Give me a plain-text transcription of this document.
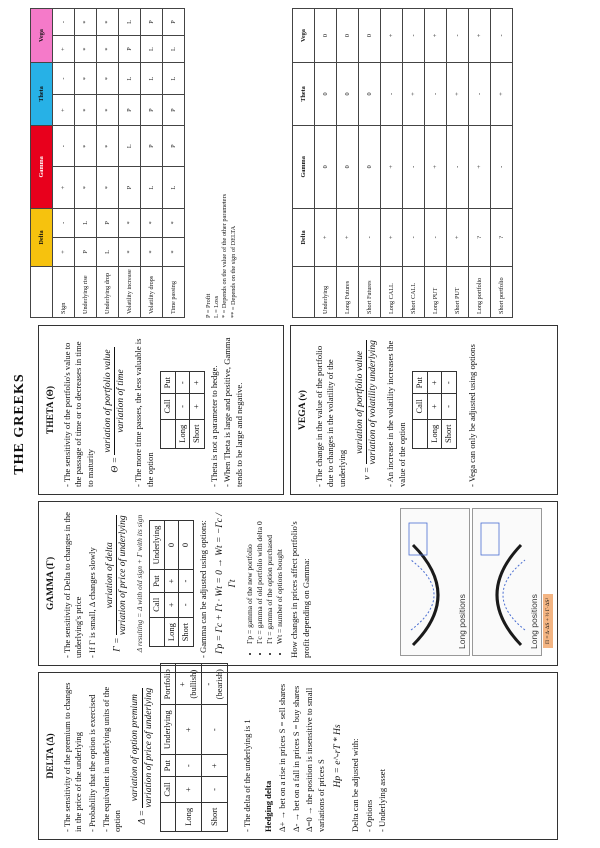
THE GREEKS
DELTA (Δ) - The sensitivity of the premium to changes in the price of the underlying - Probability that the option is exercised - The equivalent in underlying units of the option	Δ =
variation of option premium variation of price of underlying
	Call	Put	Underlying	Portfolio
Long	+	-	+	+ (bullish)
Short	-	+	-	- (bearish)

- The delta of the underlying is 1 Hedging delta Δ+ → bet on a rise in prices S = sell shares Δ- → bet on a fall in prices S = buy shares Δ=0 → the position is insensitive to small variations of prices S

Hp = e^-rT * Hs Delta can be adjusted with: - Options - Underlying asset

GAMMA (Γ) - The sensitivity of Delta to changes in the underlying's price - If Γ is small, Δ changes slowly	Γ =
variation of delta variation of price of underlying Δ resulting = Δ with old sign + Γ with its sign
	Call	Put	Underlying
Long	+	+	0
Short	-	-	0 - Gamma can be adjusted using options: Γp = Γc + Γt · Wt = 0 → Wt = −Γc / Γt • Γp = gamma of the new portfolio • Γc = gamma of old portfolio with delta 0 • Γt = gamma of the option purchased • Wt = number of options bought How changes in prices affect portfolio's profit depending on Gamma:	Long positions	Long positions	Π = Δ·ΔS + ½ Γ·ΔS²
THETA (Θ) - The sensitivity of the portfolio's value to the passage of time or to decreases in time to maturity	Θ =
variation of portfolio value variation of time - The more time passes, the less valuable is the option

	Call	Put
Long	-	-
Short	+	+ - Theta is not a parameter to hedge. - When Theta is large and positive, Gamma tends to be large and negative.	VEGA (ν) - The change in the value of the portfolio due to changes in the volatility of the underlying	ν =
variation of portfolio value variation of volatility underlying - An increase in the volatility increases the value of the option

	Call	Put
Long	+	+
Short	-	- - Vega can only be adjusted using options

	Delta		Gamma		Theta		Vega	
Sign	+	-	+	-	+	-	+	-
Underlying rise	P	L	*	*	*	*	*	*
Underlying drop	L	P	*	*	*	*	*	*
Volatility increase	*	*	P	L	P	L	P	L
Volatility drops	*	*	L	P	P	L	L	P
Time passing	*	*	L	P	P	L	L	P
P = Profit L = Loss * = Depends on the value of the other parameters ** = Depends on the sign of DELTA
		Delta	Gamma	Theta	Vega
Underlying	+	0	0	0
Long Futures	+	0	0	0
Short Futures	-	0	0	0
Long CALL	+	+	-	+
Short CALL	-	-	+	-
Long PUT	-	+	-	+
Short PUT	+	-	+	-
Long portfolio	?	+	-	+
Short portfolio	?	-	+	-
